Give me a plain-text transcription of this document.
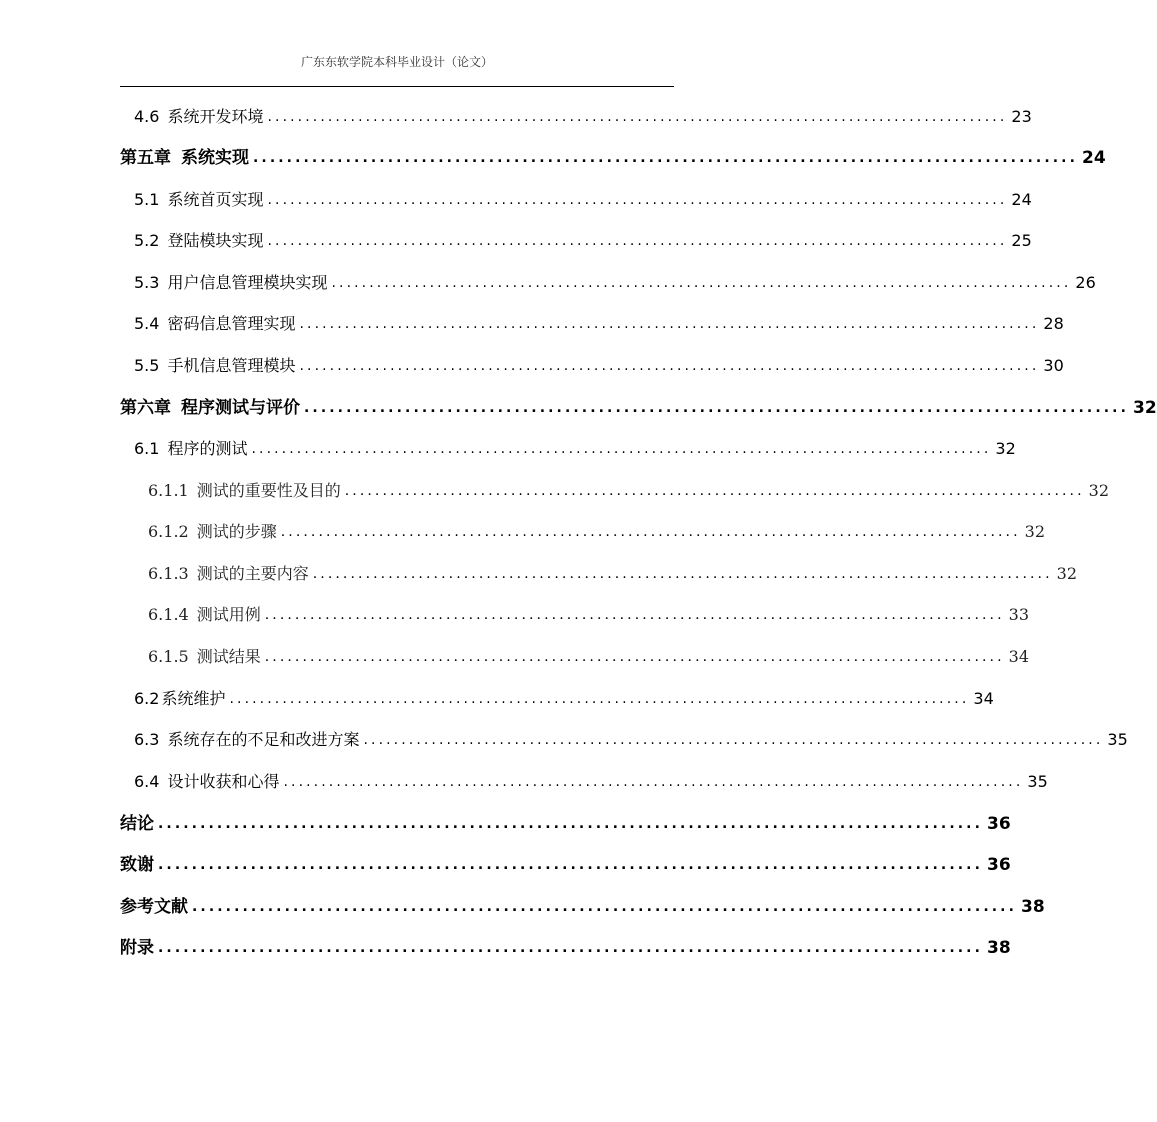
广东东软学院本科毕业设计（论文）
4.6 系统开发环境 .................................................................................................. 23
第五章 系统实现 .................................................................................................. 24
5.1 系统首页实现 .................................................................................................. 24
5.2 登陆模块实现 .................................................................................................. 25
5.3 用户信息管理模块实现 .................................................................................................. 26
5.4 密码信息管理实现 .................................................................................................. 28
5.5 手机信息管理模块 .................................................................................................. 30
第六章 程序测试与评价 .................................................................................................. 32
6.1 程序的测试 .................................................................................................. 32
6.1.1 测试的重要性及目的 .................................................................................................. 32
6.1.2 测试的步骤 .................................................................................................. 32
6.1.3 测试的主要内容 .................................................................................................. 32
6.1.4 测试用例 .................................................................................................. 33
6.1.5 测试结果 .................................................................................................. 34
6.2 系统维护 .................................................................................................. 34
6.3 系统存在的不足和改进方案 .................................................................................................. 35
6.4 设计收获和心得 .................................................................................................. 35
结论 .................................................................................................. 36
致谢 .................................................................................................. 36
参考文献 .................................................................................................. 38
附录 .................................................................................................. 38
